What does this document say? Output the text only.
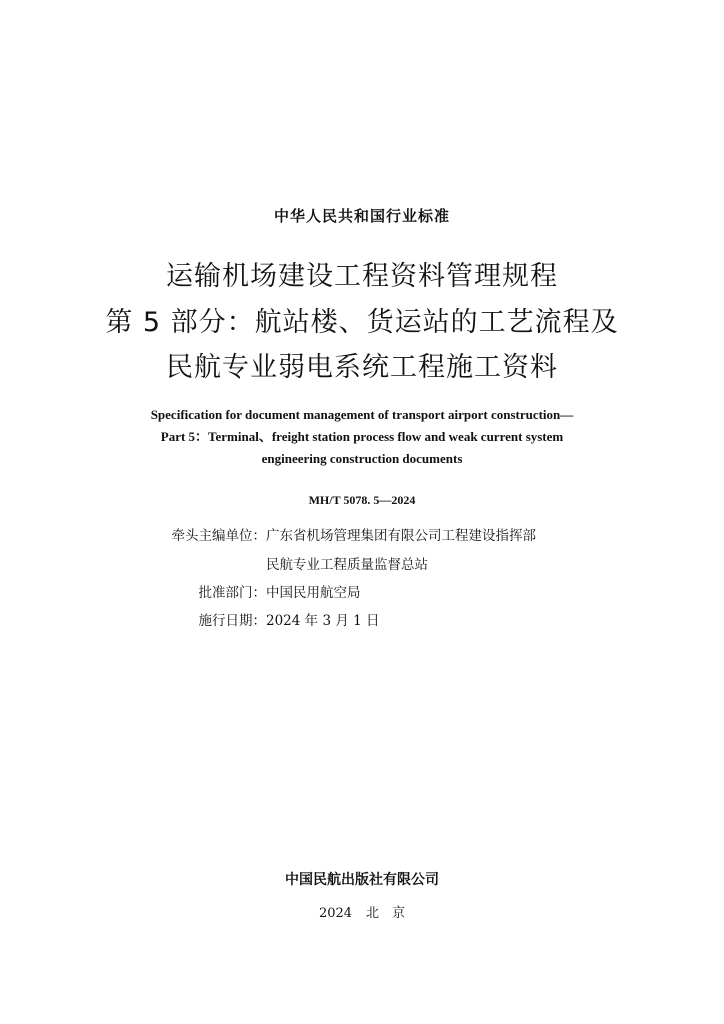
中华人民共和国行业标准
运输机场建设工程资料管理规程
第 5 部分：航站楼、货运站的工艺流程及
民航专业弱电系统工程施工资料
Specification for document management of transport airport construction—
Part 5：Terminal、freight station process flow and weak current system
engineering construction documents
MH/T 5078. 5—2024
牵头主编单位：广东省机场管理集团有限公司工程建设指挥部
民航专业工程质量监督总站
批准部门：中国民用航空局
施行日期：2024 年 3 月 1 日
中国民航出版社有限公司
2024 北　京
